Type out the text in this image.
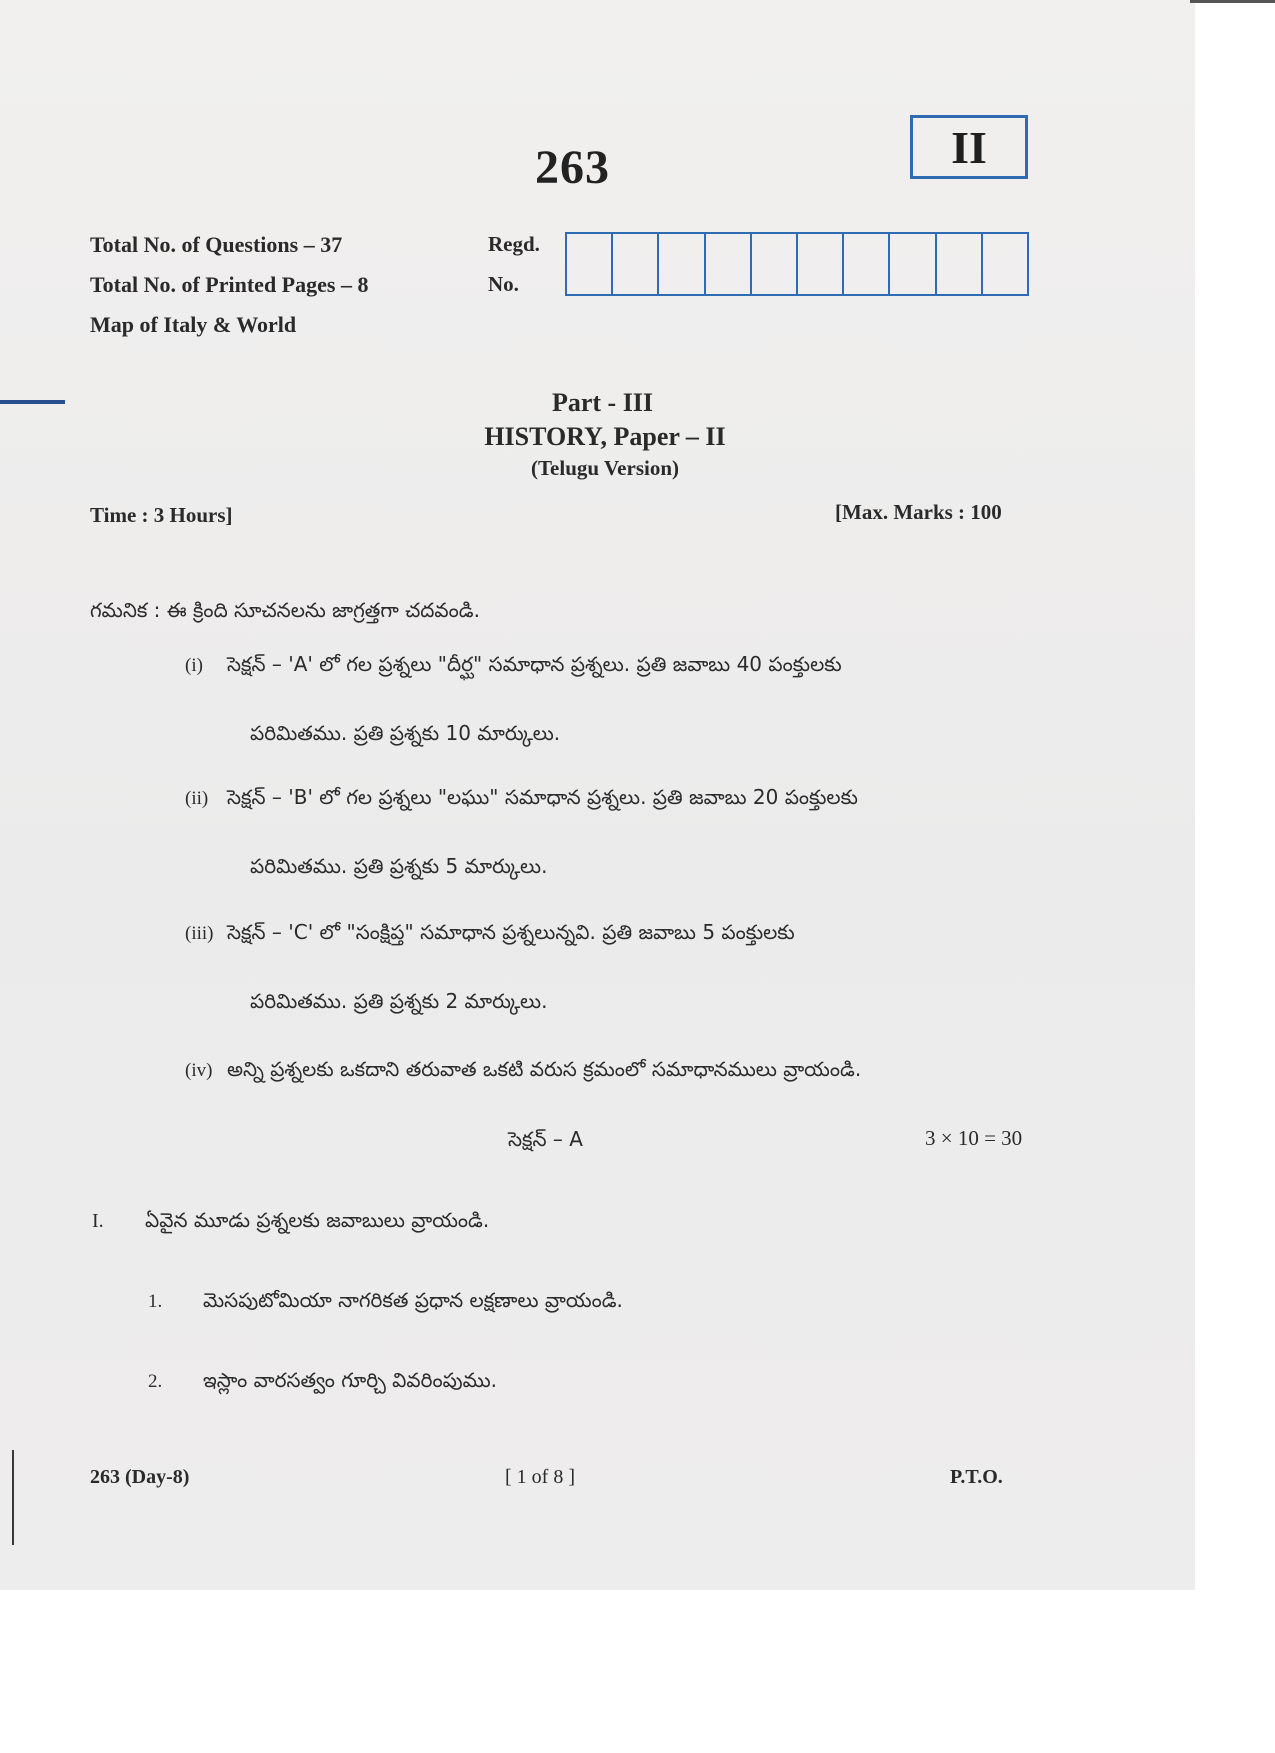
263	II
Total No. of Questions – 37
Total No. of Printed Pages – 8
Map of Italy & World
Regd.
No.
Part - III
HISTORY, Paper – II
(Telugu Version)
Time : 3 Hours]	[Max. Marks : 100
గమనిక : ఈ క్రింది సూచనలను జాగ్రత్తగా చదవండి.
(i) సెక్షన్ – 'A' లో గల ప్రశ్నలు "దీర్ఘ" సమాధాన ప్రశ్నలు. ప్రతి జవాబు 40 పంక్తులకు
పరిమితము. ప్రతి ప్రశ్నకు 10 మార్కులు.
(ii) సెక్షన్ – 'B' లో గల ప్రశ్నలు "లఘు" సమాధాన ప్రశ్నలు. ప్రతి జవాబు 20 పంక్తులకు
పరిమితము. ప్రతి ప్రశ్నకు 5 మార్కులు.
(iii) సెక్షన్ – 'C' లో "సంక్షిప్త" సమాధాన ప్రశ్నలున్నవి. ప్రతి జవాబు 5 పంక్తులకు
పరిమితము. ప్రతి ప్రశ్నకు 2 మార్కులు.
(iv) అన్ని ప్రశ్నలకు ఒకదాని తరువాత ఒకటి వరుస క్రమంలో సమాధానములు వ్రాయండి.
సెక్షన్ – A	3 × 10 = 30
I. ఏవైన మూడు ప్రశ్నలకు జవాబులు వ్రాయండి.
1. మెసపుటోమియా నాగరికత ప్రధాన లక్షణాలు వ్రాయండి.
2. ఇస్లాం వారసత్వం గూర్చి వివరింపుము.
263 (Day-8)	[ 1 of 8 ]	P.T.O.
